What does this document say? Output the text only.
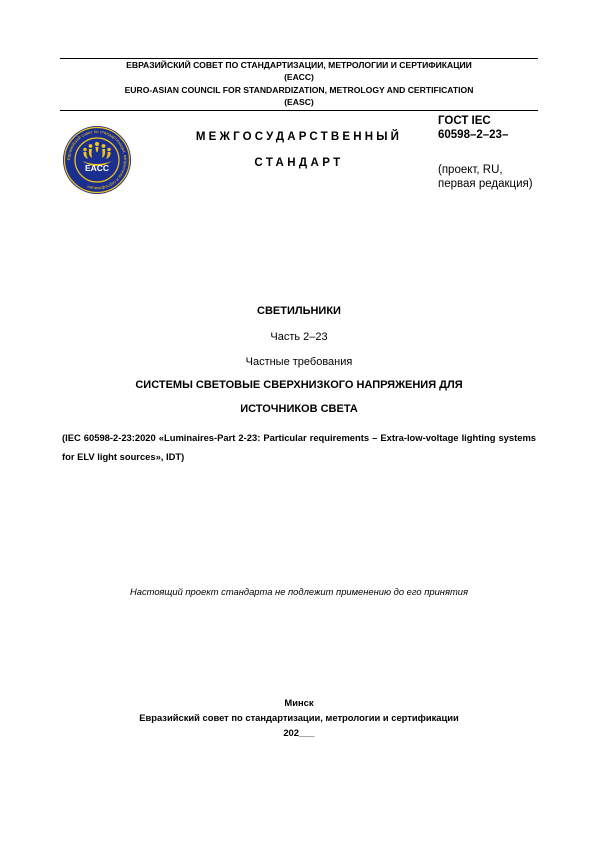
ЕВРАЗИЙСКИЙ СОВЕТ ПО СТАНДАРТИЗАЦИИ, МЕТРОЛОГИИ И СЕРТИФИКАЦИИ
(ЕАСС)
EURO-ASIAN COUNCIL FOR STANDARDIZATION, METROLOGY AND CERTIFICATION
(EASC)
Евразийский совет по стандартизации, метрологии и сертификации
EACC
МЕЖГОСУДАРСТВЕННЫЙ
СТАНДАРТ
ГОСТ IEC
60598–2–23–
(проект, RU,
первая редакция)
СВЕТИЛЬНИКИ
Часть 2–23
Частные требования
СИСТЕМЫ СВЕТОВЫЕ СВЕРХНИЗКОГО НАПРЯЖЕНИЯ ДЛЯ
ИСТОЧНИКОВ СВЕТА
(IEC 60598-2-23:2020 «Luminaires-Part 2-23: Particular requirements – Extra-low-voltage lighting systems for ELV light sources», IDT)
Настоящий проект стандарта не подлежит применению до его принятия
Минск
Евразийский совет по стандартизации, метрологии и сертификации
202___
